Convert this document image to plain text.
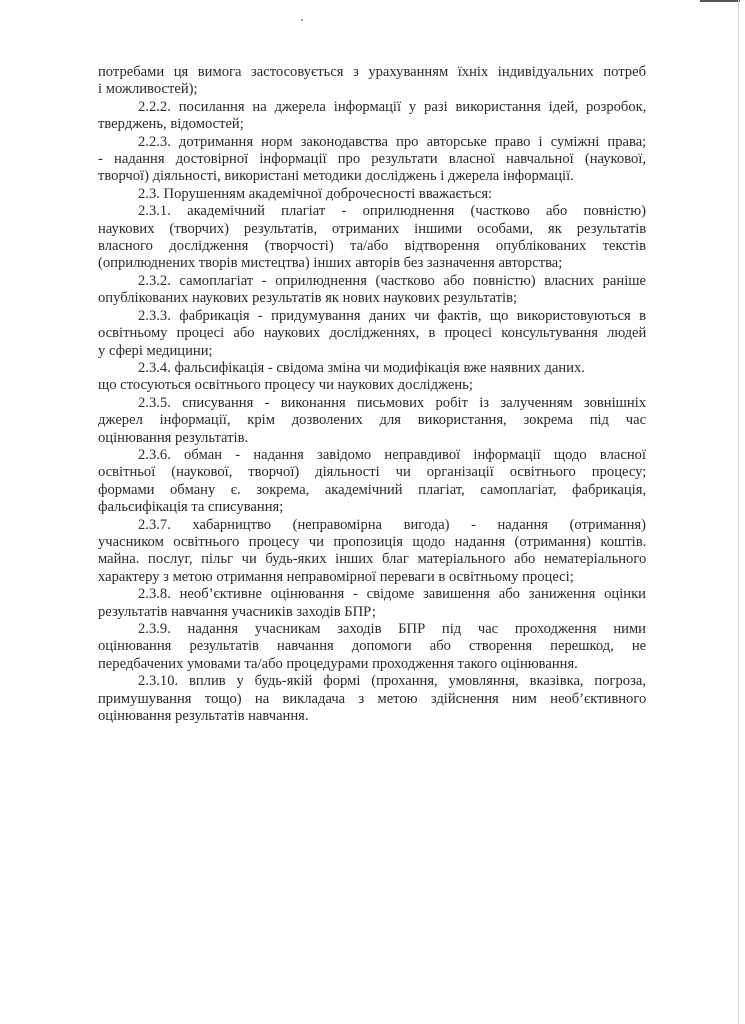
потребами ця вимога застосовується з урахуванням їхніх індивідуальних потреб
і можливостей);
2.2.2. посилання на джерела інформації у разі використання ідей, розробок,
тверджень, відомостей;
2.2.3. дотримання норм законодавства про авторське право і суміжні права;
- надання достовірної інформації про результати власної навчальної (наукової,
творчої) діяльності, використані методики досліджень і джерела інформації.
2.3. Порушенням академічної доброчесності вважається:
2.3.1. академічний плагіат - оприлюднення (частково або повністю)
наукових (творчих) результатів, отриманих іншими особами, як результатів
власного дослідження (творчості) та/або відтворення опублікованих текстів
(оприлюднених творів мистецтва) інших авторів без зазначення авторства;
2.3.2. самоплагіат - оприлюднення (частково або повністю) власних раніше
опублікованих наукових результатів як нових наукових результатів;
2.3.3. фабрикація - придумування даних чи фактів, що використовуються в
освітньому процесі або наукових дослідженнях, в процесі консультування людей
у сфері медицини;
2.3.4. фальсифікація - свідома зміна чи модифікація вже наявних даних.
що стосуються освітнього процесу чи наукових досліджень;
2.3.5. списування - виконання письмових робіт із залученням зовнішніх
джерел інформації, крім дозволених для використання, зокрема під час
оцінювання результатів.
2.3.6. обман - надання завідомо неправдивої інформації щодо власної
освітньої (наукової, творчої) діяльності чи організації освітнього процесу;
формами обману є. зокрема, академічний плагіат, самоплагіат, фабрикація,
фальсифікація та списування;
2.3.7. хабарництво (неправомірна вигода) - надання (отримання)
учасником освітнього процесу чи пропозиція щодо надання (отримання) коштів.
майна. послуг, пільг чи будь-яких інших благ матеріального або нематеріального
характеру з метою отримання неправомірної переваги в освітньому процесі;
2.3.8. необ’єктивне оцінювання - свідоме завишення або заниження оцінки
результатів навчання учасників заходів БПР;
2.3.9. надання учасникам заходів БПР під час проходження ними
оцінювання результатів навчання допомоги або створення перешкод, не
передбачених умовами та/або процедурами проходження такого оцінювання.
2.3.10. вплив у будь-якій формі (прохання, умовляння, вказівка, погроза,
примушування тощо) на викладача з метою здійснення ним необ’єктивного
оцінювання результатів навчання.
